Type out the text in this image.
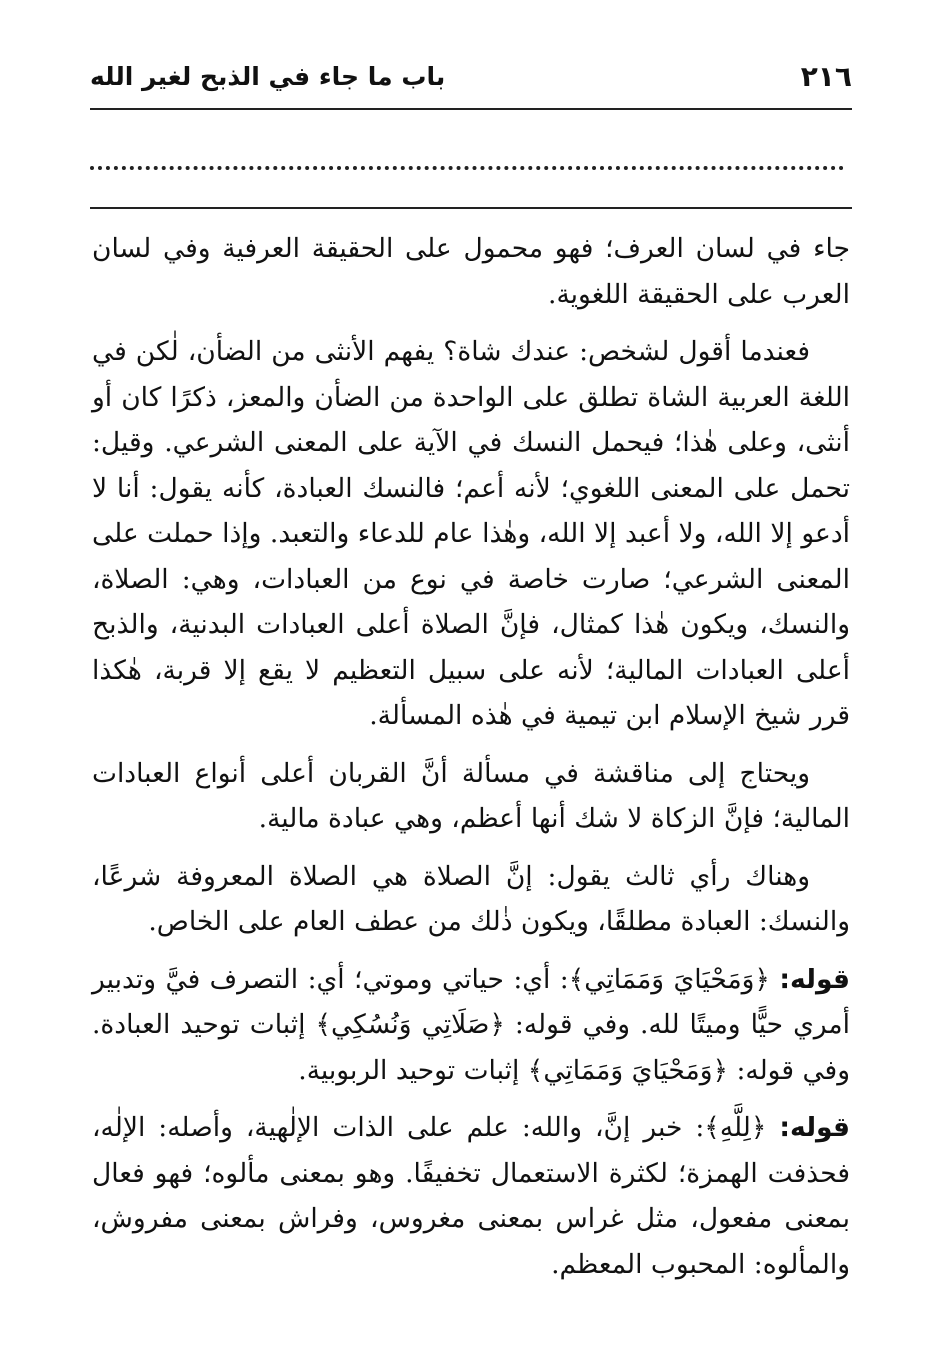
٢١٦
باب ما جاء في الذبح لغير الله

جاء في لسان العرف؛ فهو محمول على الحقيقة العرفية وفي لسان العرب على الحقيقة اللغوية.

فعندما أقول لشخص: عندك شاة؟ يفهم الأنثى من الضأن، لٰكن في اللغة العربية الشاة تطلق على الواحدة من الضأن والمعز، ذكرًا كان أو أنثى، وعلى هٰذا؛ فيحمل النسك في الآية على المعنى الشرعي. وقيل: تحمل على المعنى اللغوي؛ لأنه أعم؛ فالنسك العبادة، كأنه يقول: أنا لا أدعو إلا الله، ولا أعبد إلا الله، وهٰذا عام للدعاء والتعبد. وإذا حملت على المعنى الشرعي؛ صارت خاصة في نوع من العبادات، وهي: الصلاة، والنسك، ويكون هٰذا كمثال، فإنَّ الصلاة أعلى العبادات البدنية، والذبح أعلى العبادات المالية؛ لأنه على سبيل التعظيم لا يقع إلا قربة، هٰكذا قرر شيخ الإسلام ابن تيمية في هٰذه المسألة.

ويحتاج إلى مناقشة في مسألة أنَّ القربان أعلى أنواع العبادات المالية؛ فإنَّ الزكاة لا شك أنها أعظم، وهي عبادة مالية.

وهناك رأي ثالث يقول: إنَّ الصلاة هي الصلاة المعروفة شرعًا، والنسك: العبادة مطلقًا، ويكون ذٰلك من عطف العام على الخاص.

قوله: ﴿وَمَحْيَايَ وَمَمَاتِي﴾: أي: حياتي وموتي؛ أي: التصرف فيَّ وتدبير أمري حيًّا وميتًا لله. وفي قوله: ﴿صَلَاتِي وَنُسُكِي﴾ إثبات توحيد العبادة. وفي قوله: ﴿وَمَحْيَايَ وَمَمَاتِي﴾ إثبات توحيد الربوبية.

قوله: ﴿لِلَّهِ﴾: خبر إنَّ، والله: علم على الذات الإلٰهية، وأصله: الإلٰه، فحذفت الهمزة؛ لكثرة الاستعمال تخفيفًا. وهو بمعنى مألوه؛ فهو فعال بمعنى مفعول، مثل غراس بمعنى مغروس، وفراش بمعنى مفروش، والمألوه: المحبوب المعظم.
